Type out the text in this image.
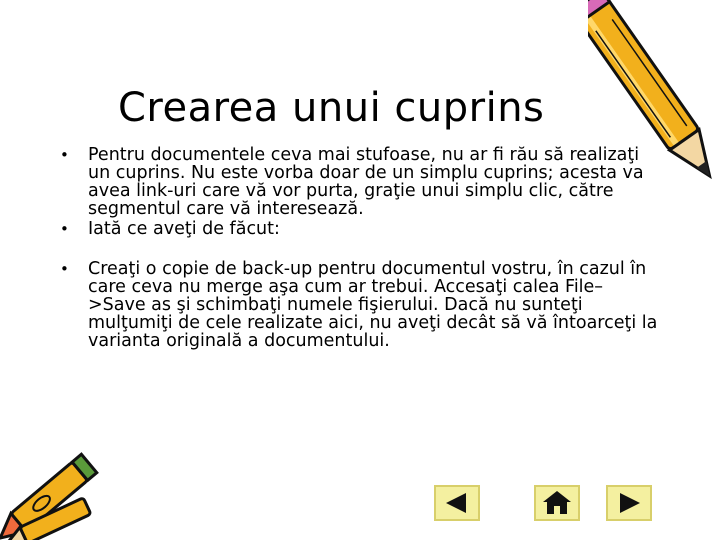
Crearea unui cuprins

•	Pentru documentele ceva mai stufoase, nu ar fi rău să realizaţi un cuprins. Nu este vorba doar de un simplu cuprins; acesta va avea link-uri care vă vor purta, graţie unui simplu clic, către segmentul care vă interesează.

•	Iată ce aveţi de făcut:

•	Creaţi o copie de back-up pentru documentul vostru, în cazul în care ceva nu merge aşa cum ar trebui. Accesaţi calea File–>Save as şi schimbaţi numele fişierului. Dacă nu sunteţi mulţumiţi de cele realizate aici, nu aveţi decât să vă întoarceţi la varianta originală a documentului.
